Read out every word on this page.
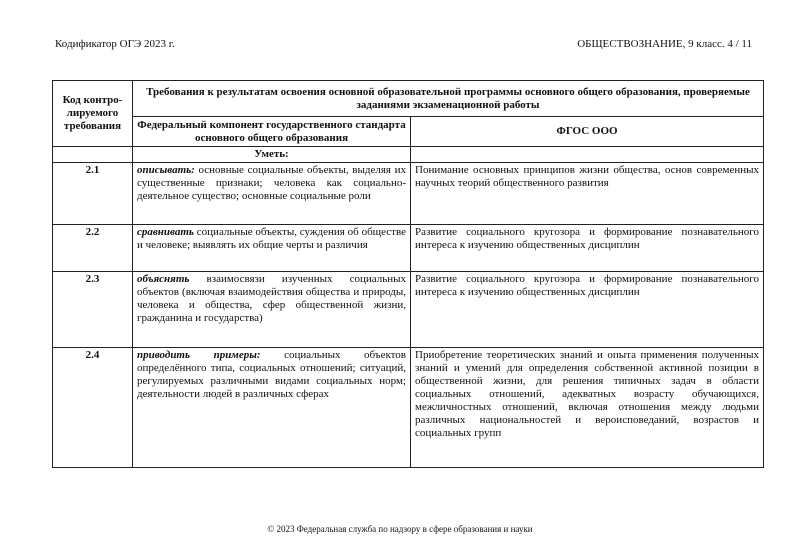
Кодификатор ОГЭ 2023 г.	ОБЩЕСТВОЗНАНИЕ, 9 класс. 4 / 11
Код контро-лируемого требования	Требования к результатам освоения основной образовательной программы основного общего образования, проверяемые заданиями экзаменационной работы	
	Федеральный компонент государственного стандарта основного общего образования	ФГОС ООО
	Уметь:	
2.1	описывать: основные социальные объекты, выделяя их существенные признаки; человека как социально-деятельное существо; основные социальные роли	Понимание основных принципов жизни общества, основ современных научных теорий общественного развития
2.2	сравнивать социальные объекты, суждения об обществе и человеке; выявлять их общие черты и различия	Развитие социального кругозора и формирование познавательного интереса к изучению общественных дисциплин
2.3	объяснять взаимосвязи изученных социальных объектов (включая взаимодействия общества и природы, человека и общества, сфер общественной жизни, гражданина и государства)	Развитие социального кругозора и формирование познавательного интереса к изучению общественных дисциплин
2.4	приводить примеры: социальных объектов определённого типа, социальных отношений; ситуаций, регулируемых различными видами социальных норм; деятельности людей в различных сферах	Приобретение теоретических знаний и опыта применения полученных знаний и умений для определения собственной активной позиции в общественной жизни, для решения типичных задач в области социальных отношений, адекватных возрасту обучающихся, межличностных отношений, включая отношения между людьми различных национальностей и вероисповеданий, возрастов и социальных групп
© 2023 Федеральная служба по надзору в сфере образования и науки
